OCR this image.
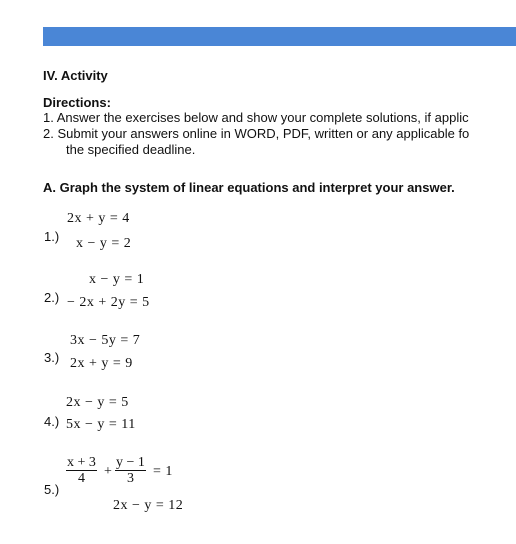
IV. Activity
Directions:
1. Answer the exercises below and show your complete solutions, if applic
2. Submit your answers online in WORD, PDF, written or any applicable fo
the specified deadline.
A. Graph the system of linear equations and interpret your answer.
2x + y = 4
1.) x − y = 2
x − y = 1
2.) − 2x + 2y = 5
3x − 5y = 7
3.) 2x + y = 9
2x − y = 5
4.) 5x − y = 11
$\frac{x + 3}{4} + \frac{y - 1}{3} = 1$
5.)
2x − y = 12
